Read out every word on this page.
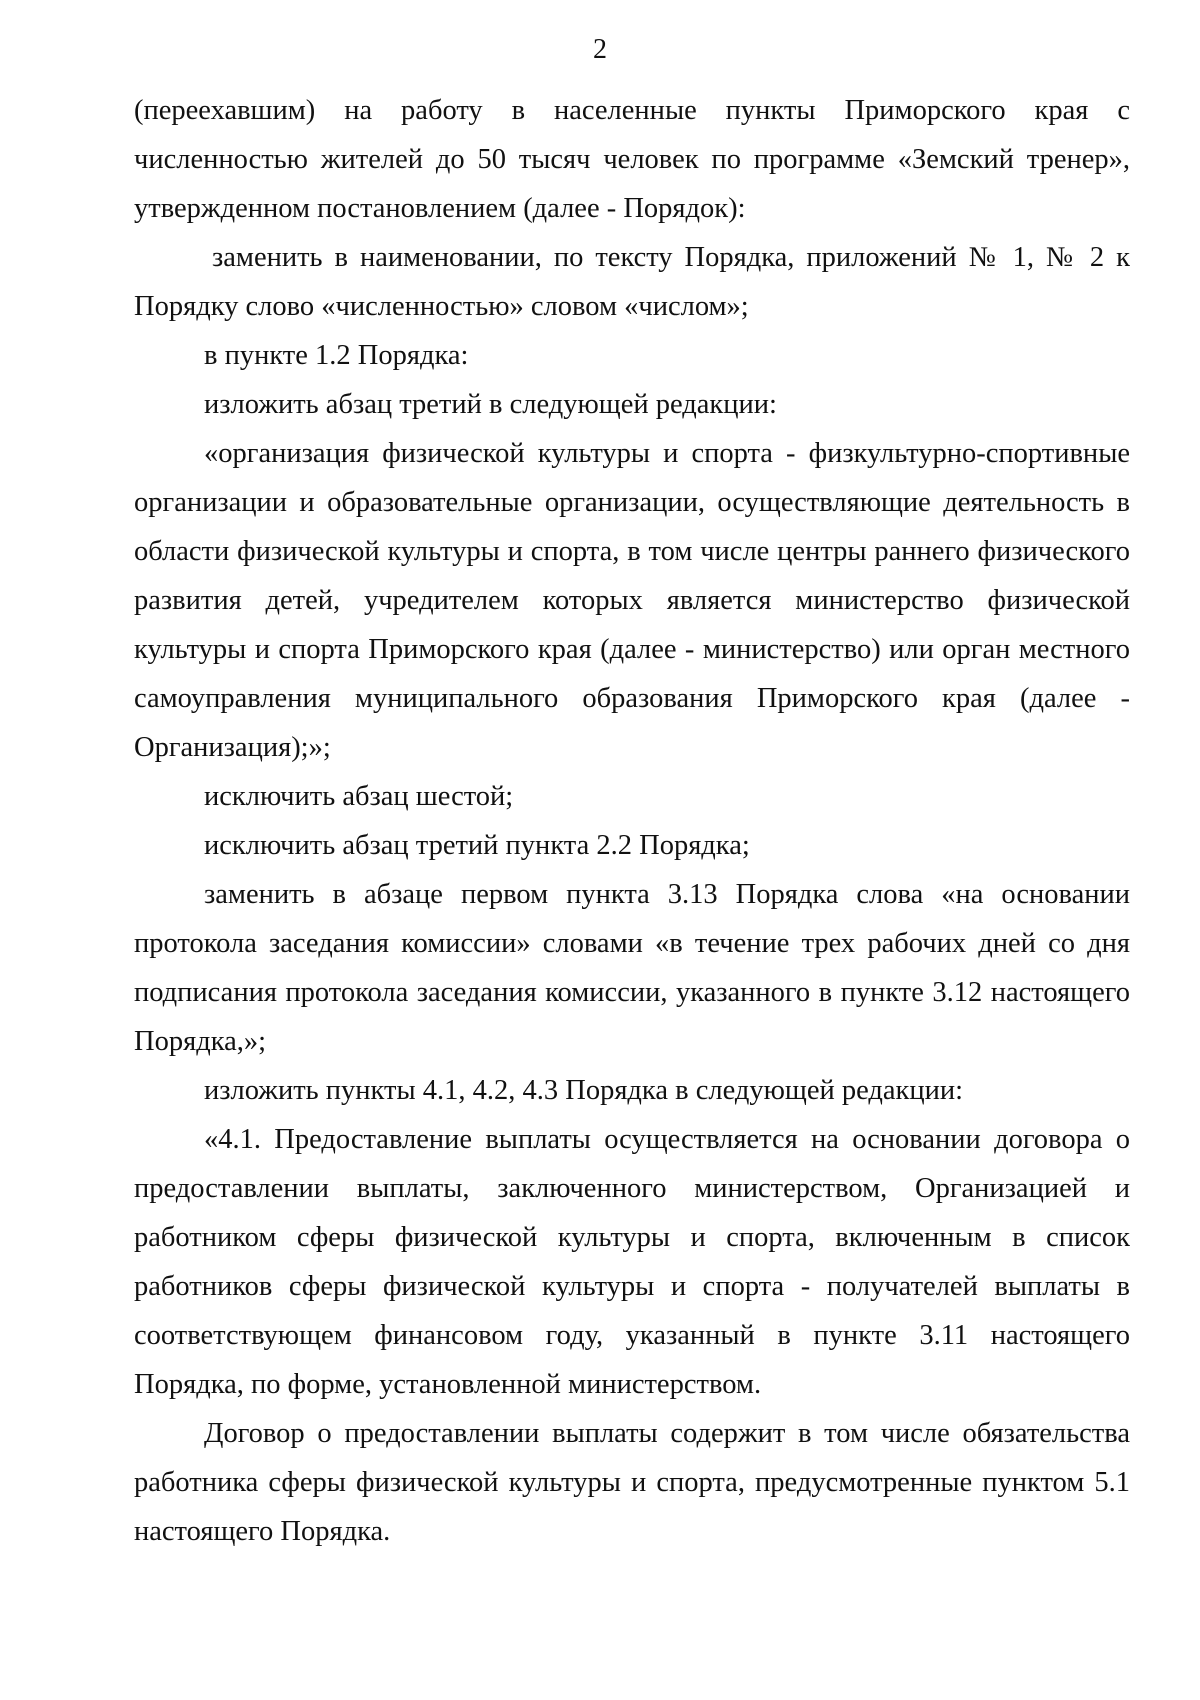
2

(переехавшим) на работу в населенные пункты Приморского края с численностью жителей до 50 тысяч человек по программе «Земский тренер», утвержденном постановлением (далее - Порядок):

заменить в наименовании, по тексту Порядка, приложений № 1, № 2 к Порядку слово «численностью» словом «числом»;

в пункте 1.2 Порядка:

изложить абзац третий в следующей редакции:

«организация физической культуры и спорта - физкультурно-спортивные организации и образовательные организации, осуществляющие деятельность в области физической культуры и спорта, в том числе центры раннего физического развития детей, учредителем которых является министерство физической культуры и спорта Приморского края (далее - министерство) или орган местного самоуправления муниципального образования Приморского края (далее - Организация);»;

исключить абзац шестой;

исключить абзац третий пункта 2.2 Порядка;

заменить в абзаце первом пункта 3.13 Порядка слова «на основании протокола заседания комиссии» словами «в течение трех рабочих дней со дня подписания протокола заседания комиссии, указанного в пункте 3.12 настоящего Порядка,»;

изложить пункты 4.1, 4.2, 4.3 Порядка в следующей редакции:

«4.1. Предоставление выплаты осуществляется на основании договора о предоставлении выплаты, заключенного министерством, Организацией и работником сферы физической культуры и спорта, включенным в список работников сферы физической культуры и спорта - получателей выплаты в соответствующем финансовом году, указанный в пункте 3.11 настоящего Порядка, по форме, установленной министерством.

Договор о предоставлении выплаты содержит в том числе обязательства работника сферы физической культуры и спорта, предусмотренные пунктом 5.1 настоящего Порядка.
